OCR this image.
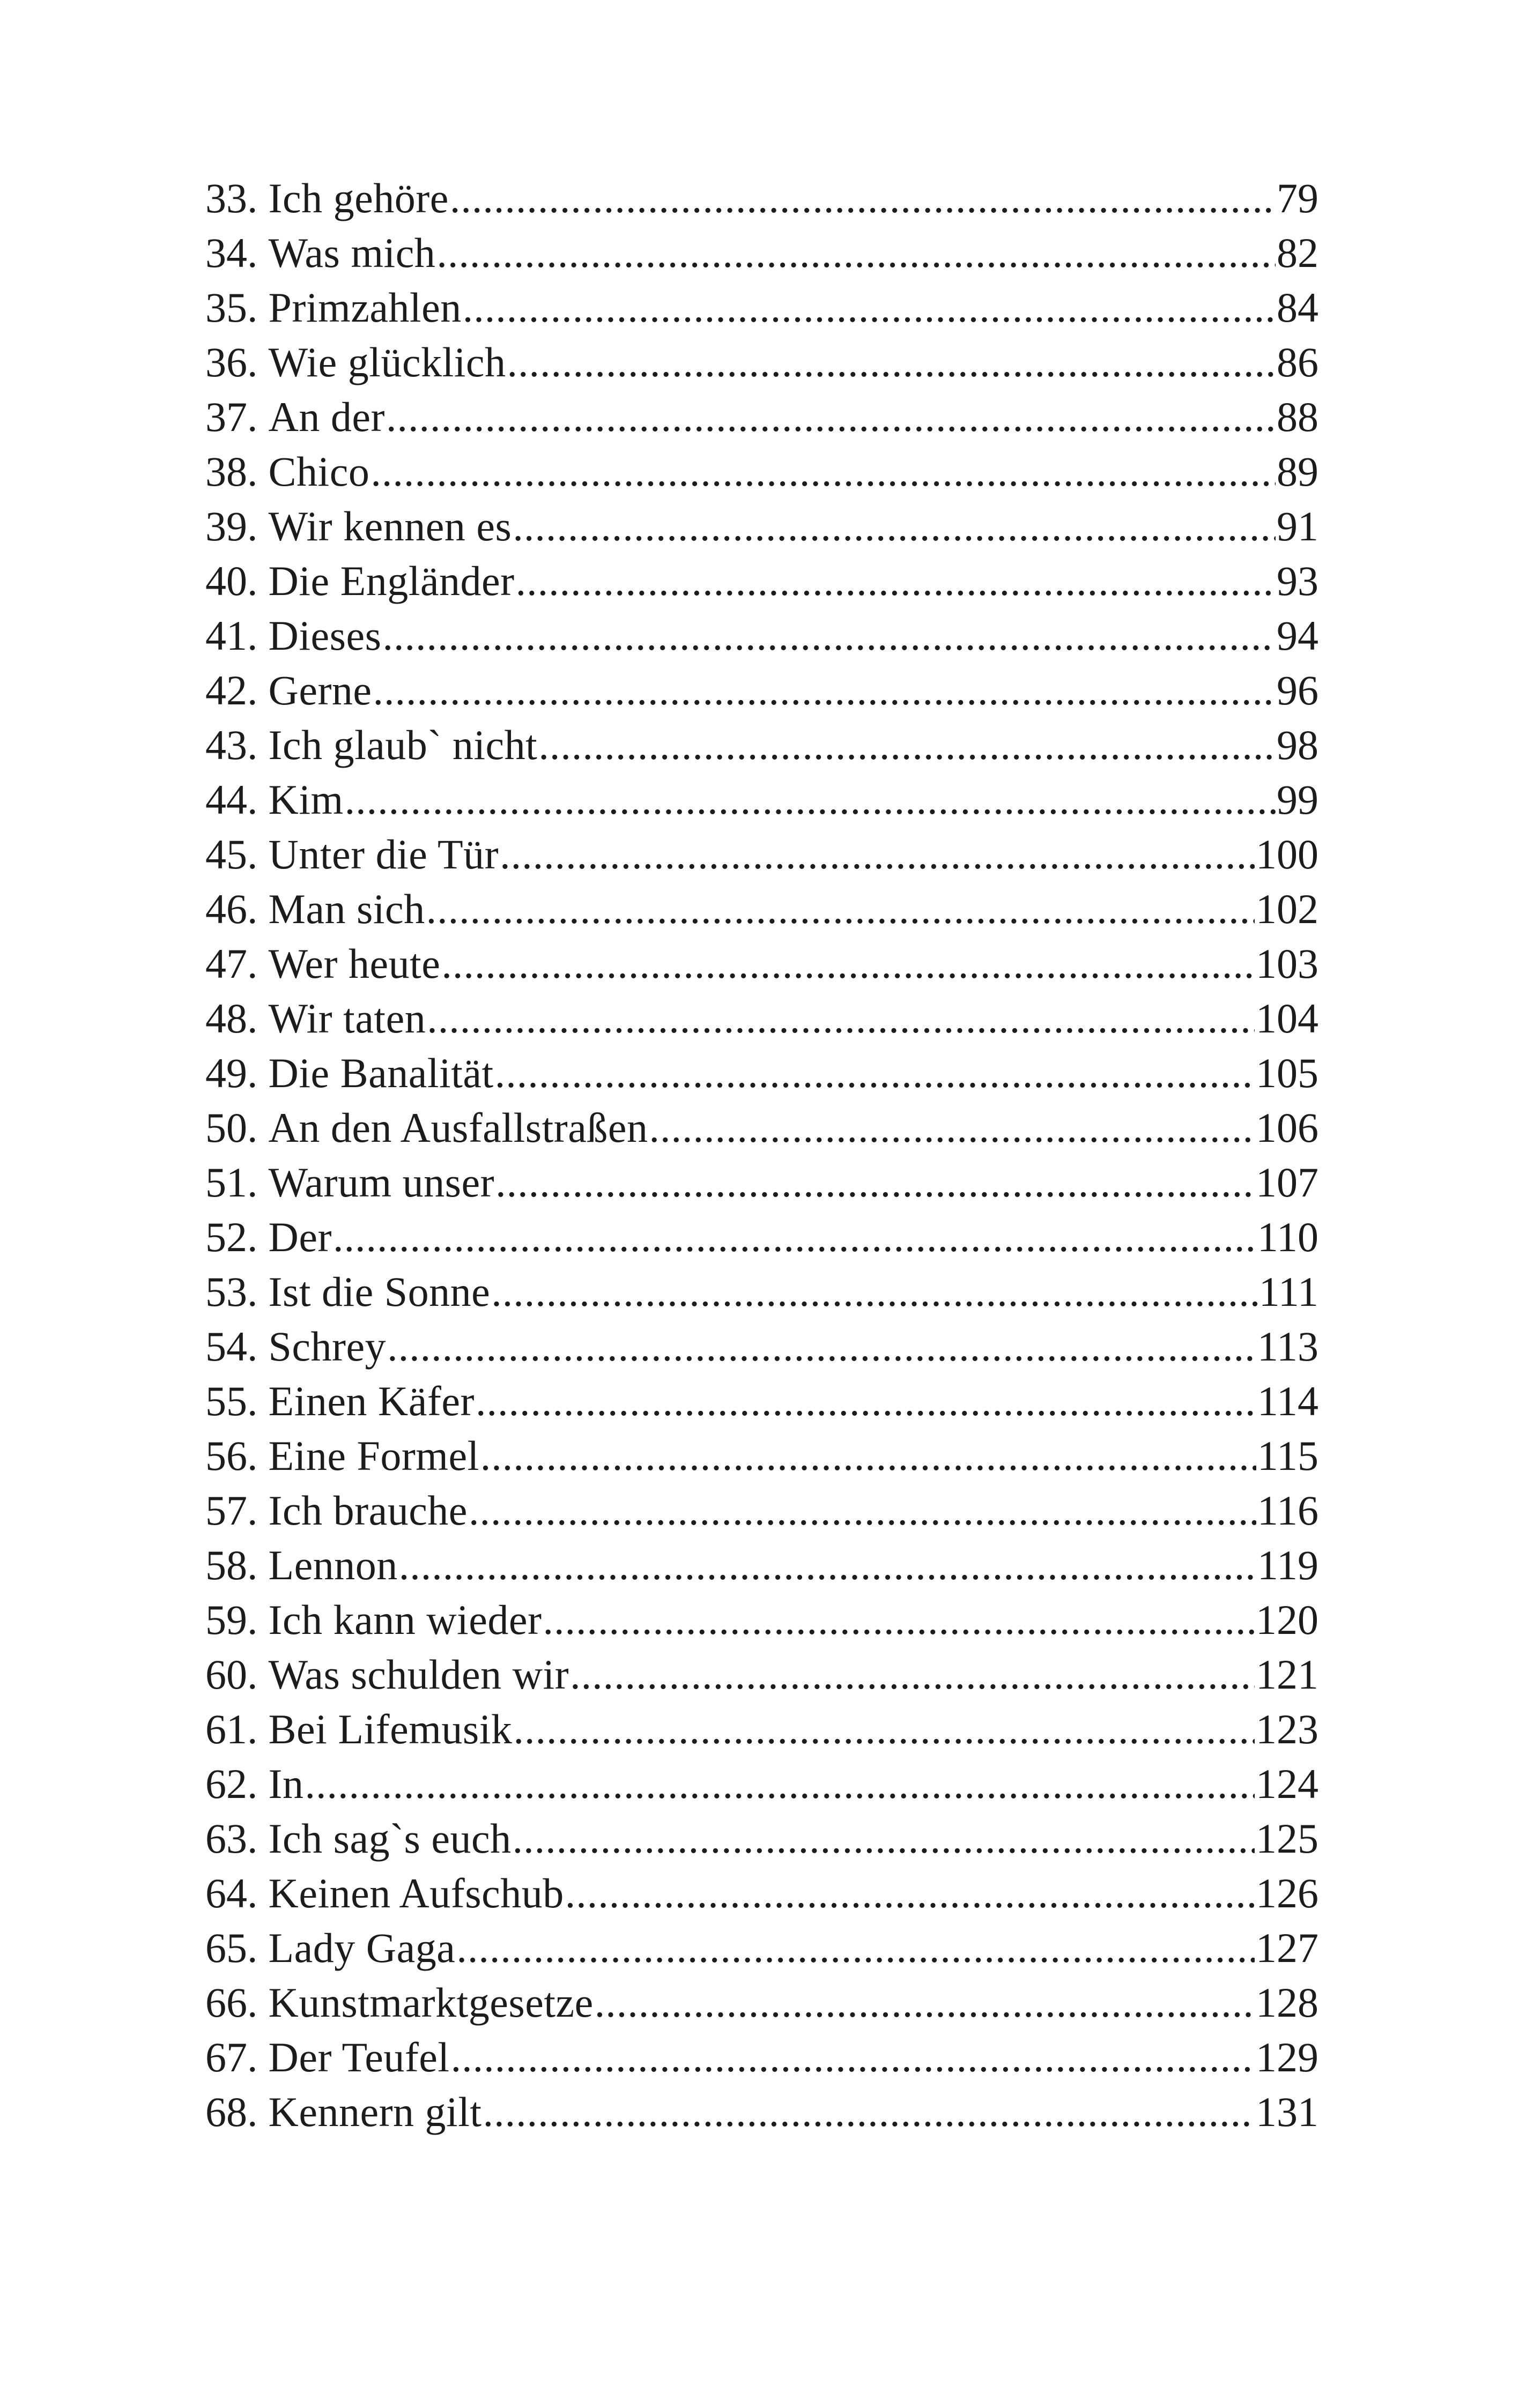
33. Ich gehöre .....	79
34. Was mich .....	82
35. Primzahlen .....	84
36. Wie glücklich .....	86
37. An der .....	88
38. Chico .....	89
39. Wir kennen es .....	91
40. Die Engländer .....	93
41. Dieses .....	94
42. Gerne .....	96
43. Ich glaub` nicht .....	98
44. Kim .....	99
45. Unter die Tür .....	100
46. Man sich .....	102
47. Wer heute .....	103
48. Wir taten .....	104
49. Die Banalität .....	105
50. An den Ausfallstraßen .....	106
51. Warum unser .....	107
52. Der .....	110
53. Ist die Sonne .....	111
54. Schrey .....	113
55. Einen Käfer .....	114
56. Eine Formel .....	115
57. Ich brauche .....	116
58. Lennon .....	119
59. Ich kann wieder .....	120
60. Was schulden wir .....	121
61. Bei Lifemusik .....	123
62. In .....	124
63. Ich sag`s euch .....	125
64. Keinen Aufschub .....	126
65. Lady Gaga .....	127
66. Kunstmarktgesetze .....	128
67. Der Teufel .....	129
68. Kennern gilt .....	131
